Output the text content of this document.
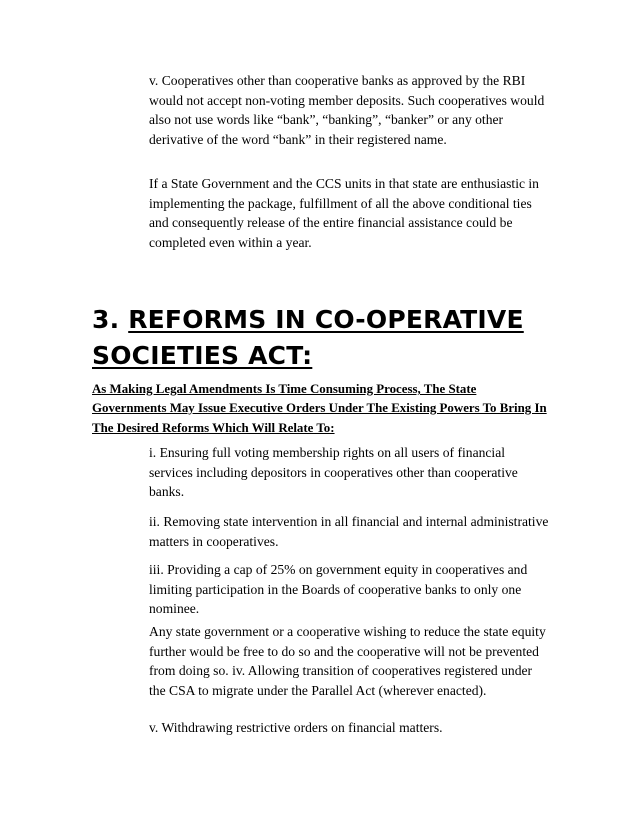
v. Cooperatives other than cooperative banks as approved by the RBI would not accept non-voting member deposits. Such cooperatives would also not use words like “bank”, “banking”, “banker” or any other derivative of the word “bank” in their registered name.

If a State Government and the CCS units in that state are enthusiastic in implementing the package, fulfillment of all the above conditional ties and consequently release of the entire financial assistance could be completed even within a year.

3. REFORMS IN CO-OPERATIVE SOCIETIES ACT:

As Making Legal Amendments Is Time Consuming Process, The State Governments May Issue Executive Orders Under The Existing Powers To Bring In The Desired Reforms Which Will Relate To:

i. Ensuring full voting membership rights on all users of financial services including depositors in cooperatives other than cooperative banks.

ii. Removing state intervention in all financial and internal administrative matters in cooperatives.

iii. Providing a cap of 25% on government equity in cooperatives and limiting participation in the Boards of cooperative banks to only one nominee.

Any state government or a cooperative wishing to reduce the state equity further would be free to do so and the cooperative will not be prevented from doing so. iv. Allowing transition of cooperatives registered under the CSA to migrate under the Parallel Act (wherever enacted).

v. Withdrawing restrictive orders on financial matters.
